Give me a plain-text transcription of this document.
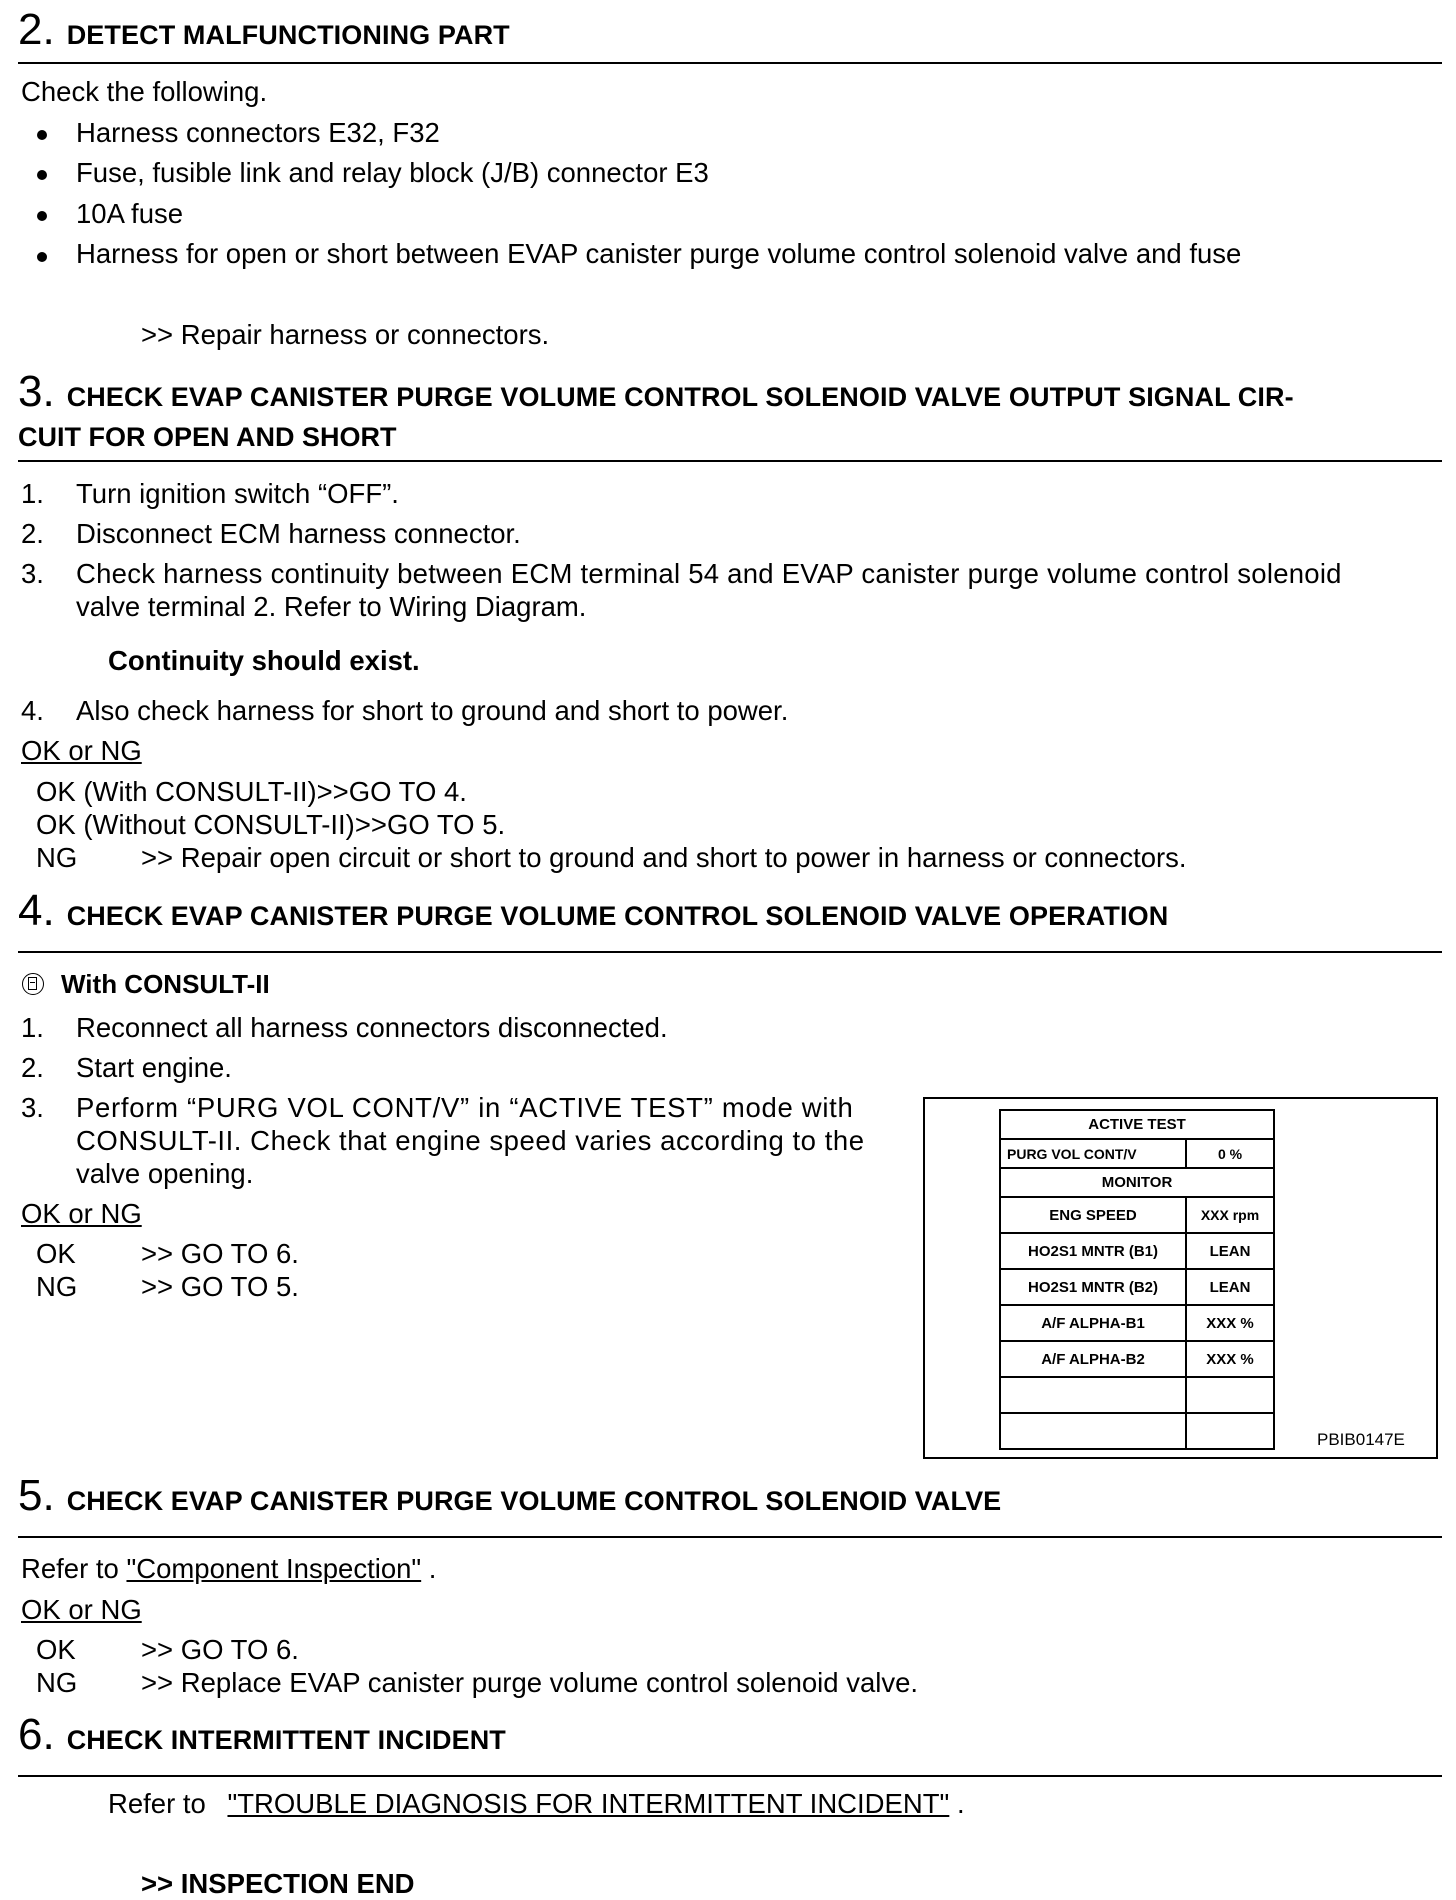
2. DETECT MALFUNCTIONING PART
Check the following.
Harness connectors E32, F32
Fuse, fusible link and relay block (J/B) connector E3
10A fuse
Harness for open or short between EVAP canister purge volume control solenoid valve and fuse
>> Repair harness or connectors.
3. CHECK EVAP CANISTER PURGE VOLUME CONTROL SOLENOID VALVE OUTPUT SIGNAL CIR-
CUIT FOR OPEN AND SHORT
1. Turn ignition switch “OFF”.
2. Disconnect ECM harness connector.
3. Check harness continuity between ECM terminal 54 and EVAP canister purge volume control solenoid
valve terminal 2. Refer to Wiring Diagram.
Continuity should exist.
4. Also check harness for short to ground and short to power.
OK or NG
OK (With CONSULT-II)>>GO TO 4.
OK (Without CONSULT-II)>>GO TO 5.
NG >> Repair open circuit or short to ground and short to power in harness or connectors.
4. CHECK EVAP CANISTER PURGE VOLUME CONTROL SOLENOID VALVE OPERATION
With CONSULT-II
1. Reconnect all harness connectors disconnected.
2. Start engine.
3. Perform “PURG VOL CONT/V” in “ACTIVE TEST” mode with
CONSULT-II. Check that engine speed varies according to the
valve opening.
OK or NG
OK >> GO TO 6.
NG >> GO TO 5.
ACTIVE TEST	
PURG VOL CONT/V	0 %
MONITOR	
ENG SPEED	XXX rpm
HO2S1 MNTR (B1)	LEAN
HO2S1 MNTR (B2)	LEAN
A/F ALPHA-B1	XXX %
A/F ALPHA-B2	XXX %

PBIB0147E
5. CHECK EVAP CANISTER PURGE VOLUME CONTROL SOLENOID VALVE
Refer to "Component Inspection" .
OK or NG
OK >> GO TO 6.
NG >> Replace EVAP canister purge volume control solenoid valve.
6. CHECK INTERMITTENT INCIDENT
Refer to "TROUBLE DIAGNOSIS FOR INTERMITTENT INCIDENT" .
>> INSPECTION END
